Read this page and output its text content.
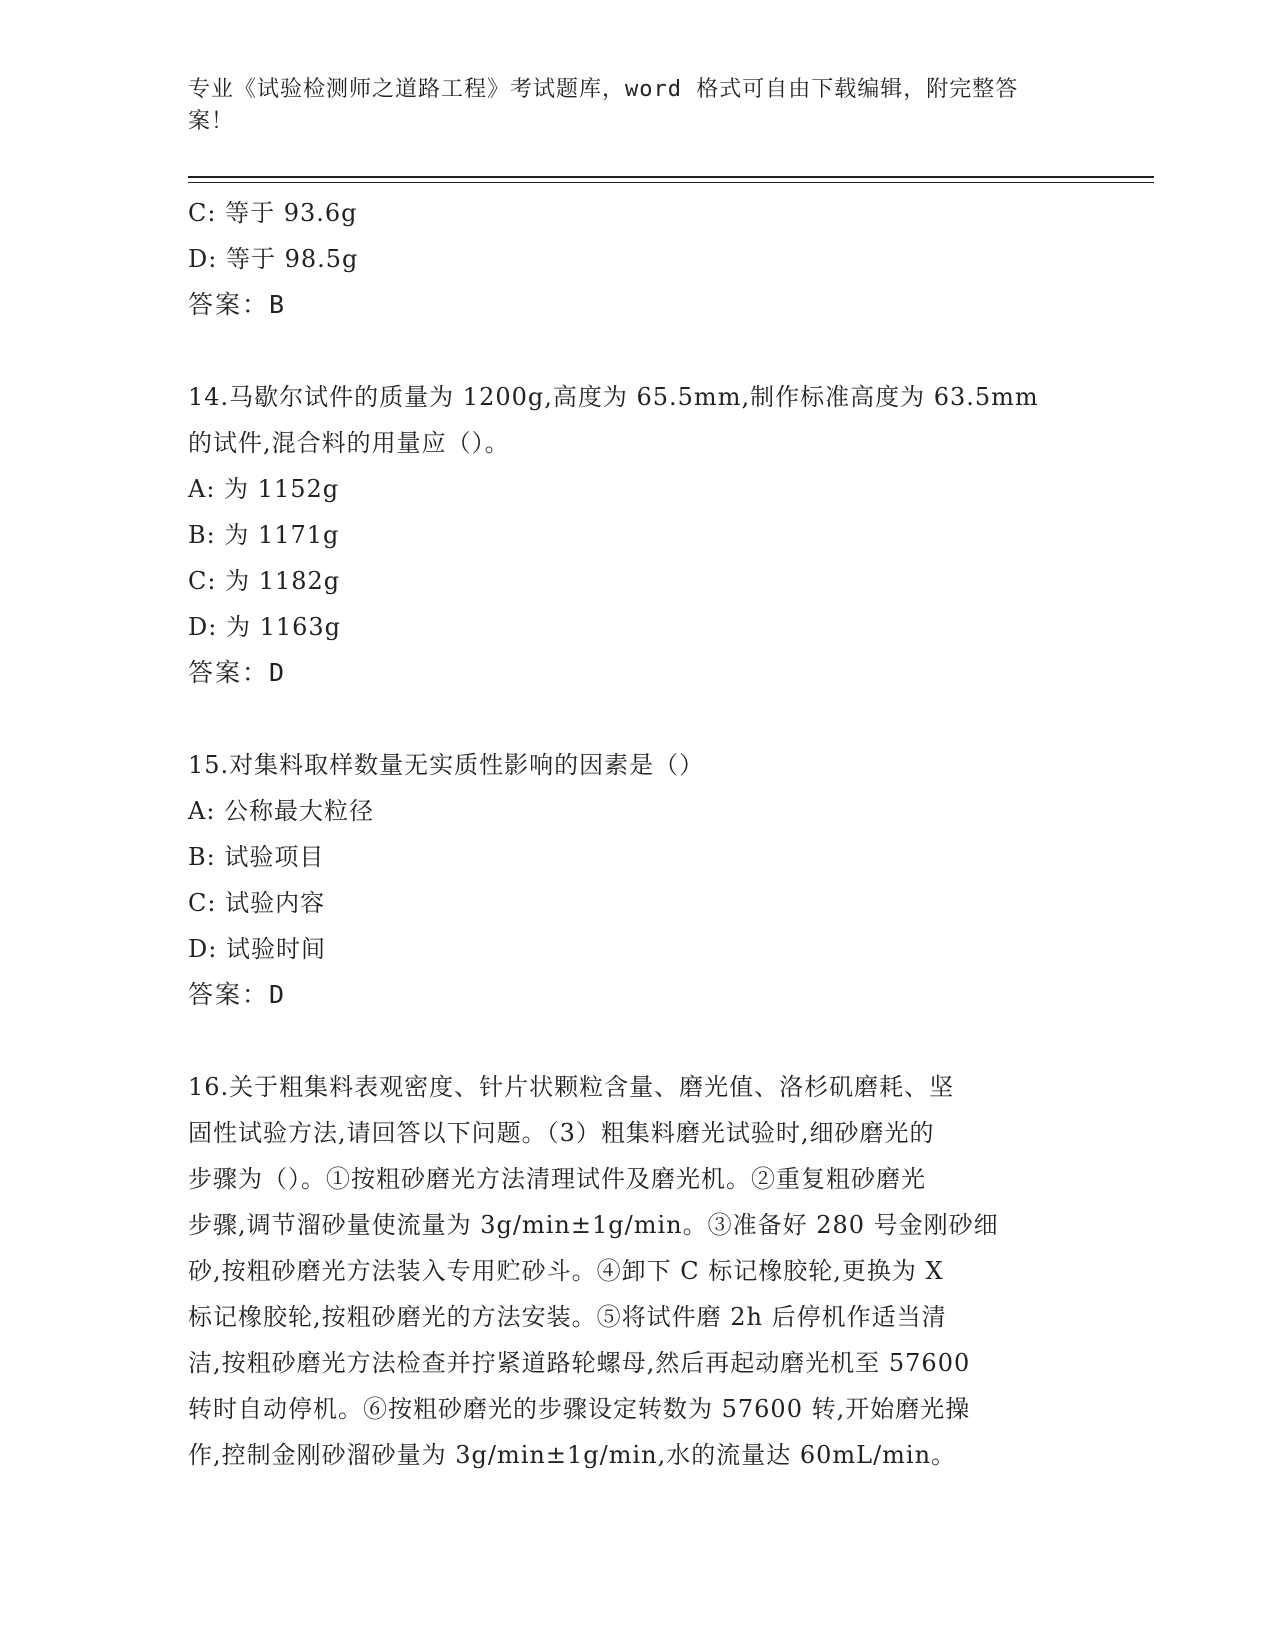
专业《试验检测师之道路工程》考试题库，word 格式可自由下载编辑，附完整答
案！
C: 等于 93.6g
D: 等于 98.5g
答案：B
14.马歇尔试件的质量为 1200g,高度为 65.5mm,制作标准高度为 63.5mm
的试件,混合料的用量应（）。
A: 为 1152g
B: 为 1171g
C: 为 1182g
D: 为 1163g
答案：D
15.对集料取样数量无实质性影响的因素是（）
A: 公称最大粒径
B: 试验项目
C: 试验内容
D: 试验时间
答案：D
16.关于粗集料表观密度、针片状颗粒含量、磨光值、洛杉矶磨耗、坚
固性试验方法,请回答以下问题。（3）粗集料磨光试验时,细砂磨光的
步骤为（）。①按粗砂磨光方法清理试件及磨光机。②重复粗砂磨光
步骤,调节溜砂量使流量为 3g/min±1g/min。③准备好 280 号金刚砂细
砂,按粗砂磨光方法装入专用贮砂斗。④卸下 C 标记橡胶轮,更换为 X
标记橡胶轮,按粗砂磨光的方法安装。⑤将试件磨 2h 后停机作适当清
洁,按粗砂磨光方法检查并拧紧道路轮螺母,然后再起动磨光机至 57600
转时自动停机。⑥按粗砂磨光的步骤设定转数为 57600 转,开始磨光操
作,控制金刚砂溜砂量为 3g/min±1g/min,水的流量达 60mL/min。
